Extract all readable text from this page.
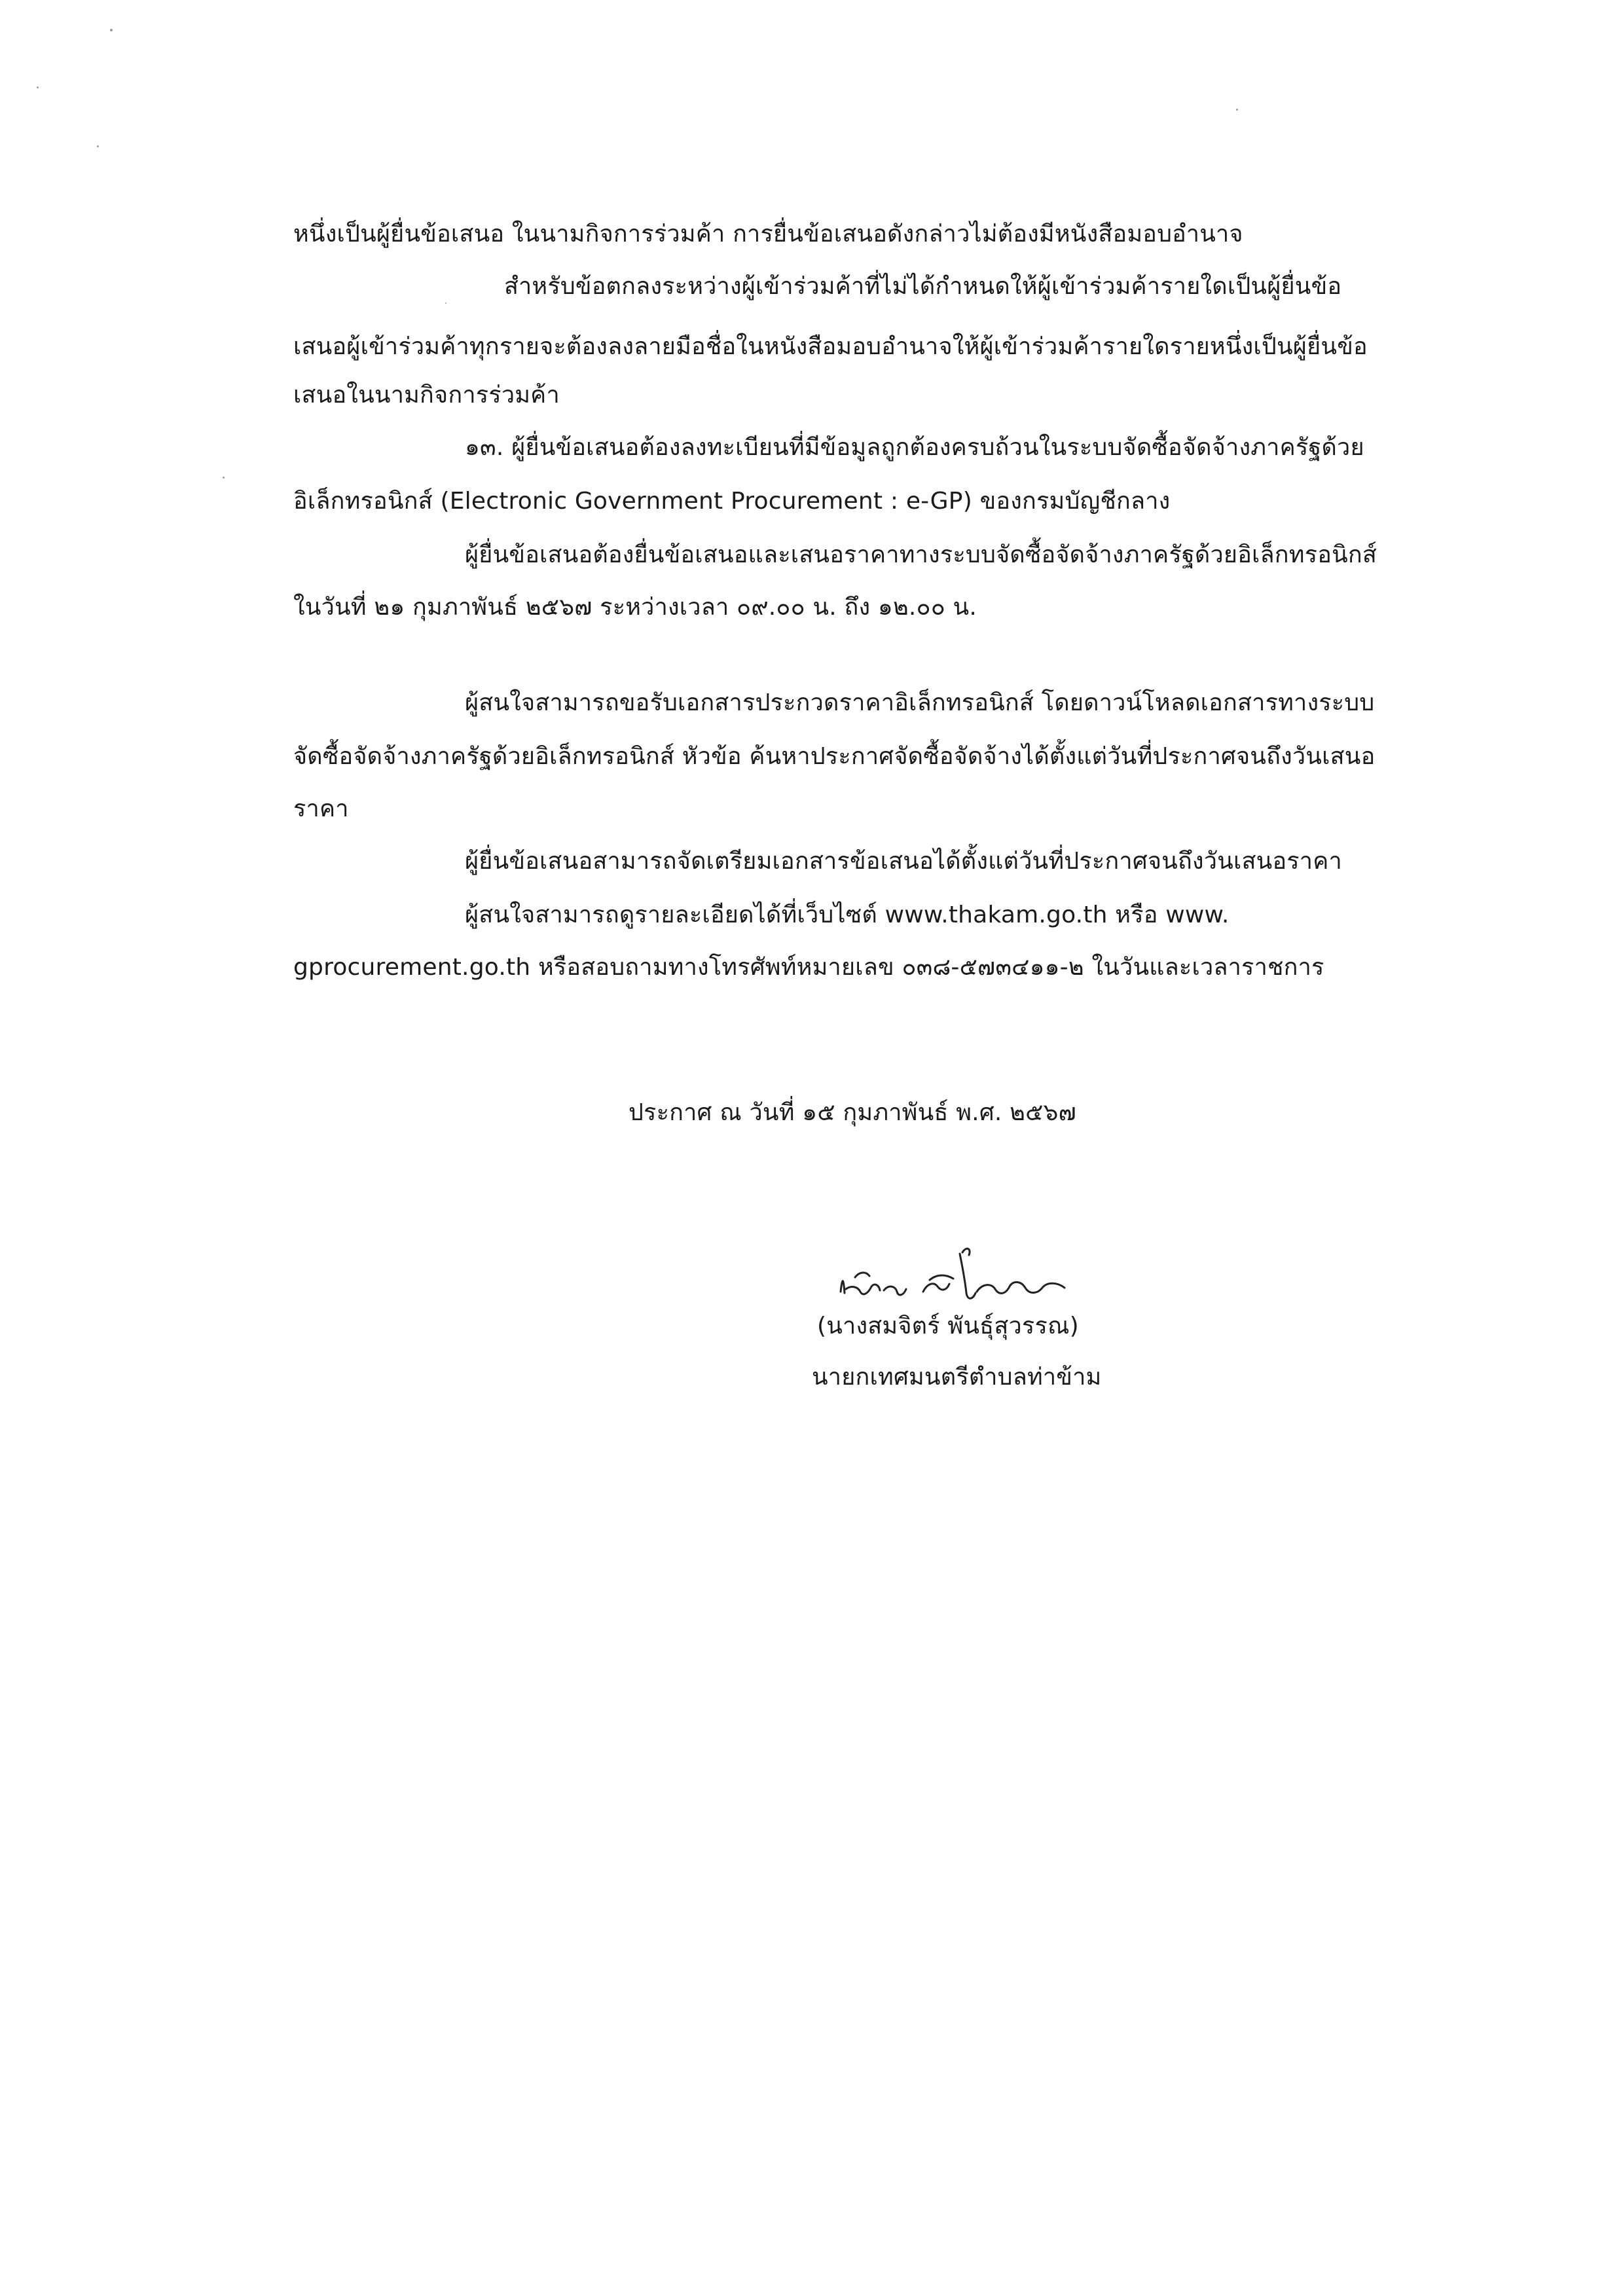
หนึ่งเป็นผู้ยื่นข้อเสนอ ในนามกิจการร่วมค้า การยื่นข้อเสนอดังกล่าวไม่ต้องมีหนังสือมอบอำนาจ
สำหรับข้อตกลงระหว่างผู้เข้าร่วมค้าที่ไม่ได้กำหนดให้ผู้เข้าร่วมค้ารายใดเป็นผู้ยื่นข้อ
เสนอผู้เข้าร่วมค้าทุกรายจะต้องลงลายมือชื่อในหนังสือมอบอำนาจให้ผู้เข้าร่วมค้ารายใดรายหนึ่งเป็นผู้ยื่นข้อ
เสนอในนามกิจการร่วมค้า
๑๓. ผู้ยื่นข้อเสนอต้องลงทะเบียนที่มีข้อมูลถูกต้องครบถ้วนในระบบจัดซื้อจัดจ้างภาครัฐด้วย
อิเล็กทรอนิกส์ (Electronic Government Procurement : e-GP) ของกรมบัญชีกลาง
ผู้ยื่นข้อเสนอต้องยื่นข้อเสนอและเสนอราคาทางระบบจัดซื้อจัดจ้างภาครัฐด้วยอิเล็กทรอนิกส์
ในวันที่ ๒๑ กุมภาพันธ์ ๒๕๖๗ ระหว่างเวลา ๐๙.๐๐ น. ถึง ๑๒.๐๐ น.
ผู้สนใจสามารถขอรับเอกสารประกวดราคาอิเล็กทรอนิกส์ โดยดาวน์โหลดเอกสารทางระบบ
จัดซื้อจัดจ้างภาครัฐด้วยอิเล็กทรอนิกส์ หัวข้อ ค้นหาประกาศจัดซื้อจัดจ้างได้ตั้งแต่วันที่ประกาศจนถึงวันเสนอ
ราคา
ผู้ยื่นข้อเสนอสามารถจัดเตรียมเอกสารข้อเสนอได้ตั้งแต่วันที่ประกาศจนถึงวันเสนอราคา
ผู้สนใจสามารถดูรายละเอียดได้ที่เว็บไซต์ www.thakam.go.th หรือ www.
gprocurement.go.th หรือสอบถามทางโทรศัพท์หมายเลข ๐๓๘-๕๗๓๔๑๑-๒ ในวันและเวลาราชการ
ประกาศ ณ วันที่ ๑๕ กุมภาพันธ์ พ.ศ. ๒๕๖๗
(นางสมจิตร์ พันธุ์สุวรรณ)
นายกเทศมนตรีตำบลท่าข้าม
